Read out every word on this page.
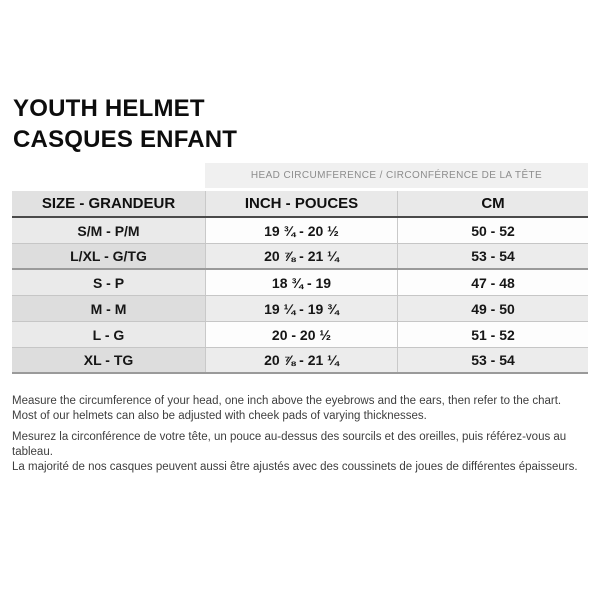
YOUTH HELMET
CASQUES ENFANT
HEAD CIRCUMFERENCE / CIRCONFÉRENCE DE LA TÊTE
SIZE - GRANDEUR	INCH - POUCES	CM
S/M - P/M	19 ¾ - 20 ½	50 - 52
L/XL - G/TG	20 ⅞ - 21 ¼	53 - 54
S - P	18 ¾ - 19	47 - 48
M - M	19 ¼ - 19 ¾	49 - 50
L - G	20 - 20 ½	51 - 52
XL - TG	20 ⅞ - 21 ¼	53 - 54
Measure the circumference of your head, one inch above the eyebrows and the ears, then refer to the chart.
Most of our helmets can also be adjusted with cheek pads of varying thicknesses.
Mesurez la circonférence de votre tête, un pouce au-dessus des sourcils et des oreilles, puis référez-vous au tableau.
La majorité de nos casques peuvent aussi être ajustés avec des coussinets de joues de différentes épaisseurs.
